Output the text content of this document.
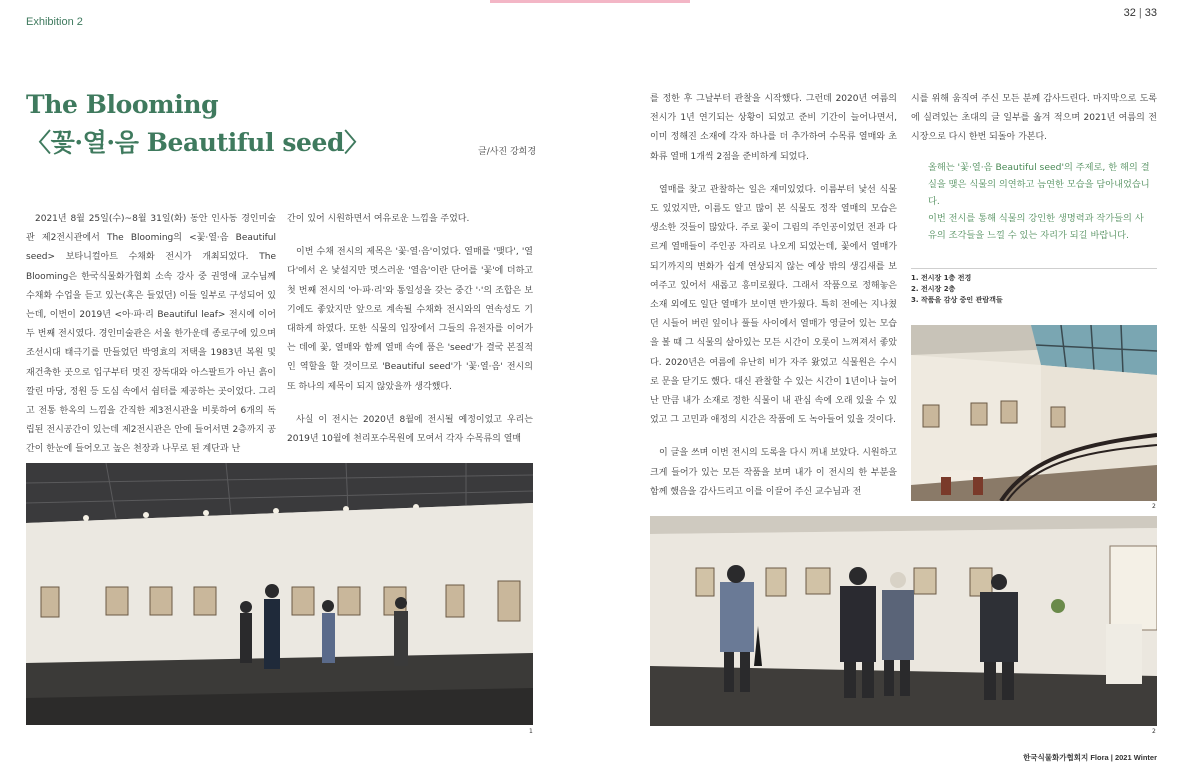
Exhibition 2
32 | 33
The Blooming
〈꽃·열·음 Beautiful seed〉	글/사진 강희경

2021년 8월 25일(수)~8월 31일(화) 동안 인사동 경인미술관 제2전시관에서 The Blooming의 <꽃·열·음 Beautiful seed> 보타니컬아트 수채화 전시가 개최되었다. The Blooming은 한국식물화가협회 소속 강사 중 권영애 교수님께 수채화 수업을 듣고 있는(혹은 들었던) 이들 일부로 구성되어 있는데, 이번이 2019년 <아·파·리 Beautiful leaf> 전시에 이어 두 번째 전시였다. 경인미술관은 서울 한가운데 종로구에 있으며 조선시대 태극기를 만들었던 박영효의 저택을 1983년 복원 및 재건축한 곳으로 입구부터 멋진 장독대와 아스팔트가 아닌 흙이 깔린 마당, 정원 등 도심 속에서 쉼터를 제공하는 곳이었다. 그리고 전통 한옥의 느낌을 간직한 제3전시관을 비롯하여 6개의 독립된 전시공간이 있는데 제2전시관은 안에 들어서면 2층까지 공간이 한눈에 들어오고 높은 천장과 나무로 된 계단과 난

간이 있어 시원하면서 여유로운 느낌을 주었다.

이번 수채 전시의 제목은 '꽃·열·음'이었다. 열매를 '맺다', '열다'에서 온 낯설지만 멋스러운 '열음'이란 단어를 '꽃'에 더하고 첫 번째 전시의 '아·파·리'와 통일성을 갖는 중간 '·'의 조합은 보기에도 좋았지만 앞으로 계속될 수채화 전시와의 연속성도 기대하게 하였다. 또한 식물의 입장에서 그들의 유전자를 이어가는 데에 꽃, 열매와 함께 열매 속에 품은 'seed'가 결국 본질적인 역할을 할 것이므로 'Beautiful seed'가 '꽃·열·음' 전시의 또 하나의 제목이 되지 않았을까 생각했다.

사실 이 전시는 2020년 8월에 전시될 예정이었고 우리는 2019년 10월에 천리포수목원에 모여서 각자 수목류의 열매

를 정한 후 그날부터 관찰을 시작했다. 그런데 2020년 여름의 전시가 1년 연기되는 상황이 되었고 준비 기간이 늘어나면서, 이미 정해진 소재에 각자 하나를 더 추가하여 수목류 열매와 초화류 열매 1개씩 2점을 준비하게 되었다.

열매를 찾고 관찰하는 일은 재미있었다. 이름부터 낯선 식물도 있었지만, 이름도 알고 많이 본 식물도 정작 열매의 모습은 생소한 것들이 많았다. 주로 꽃이 그림의 주인공이었던 전과 다르게 열매들이 주인공 자리로 나오게 되었는데, 꽃에서 열매가 되기까지의 변화가 쉽게 연상되지 않는 예상 밖의 생김새를 보여주고 있어서 새롭고 흥미로웠다. 그래서 작품으로 정해놓은 소재 외에도 일단 열매가 보이면 반가웠다. 특히 전에는 지나쳤던 시들어 버린 잎이나 풀들 사이에서 열매가 영글어 있는 모습을 볼 때 그 식물의 살아있는 모든 시간이 오롯이 느껴져서 좋았다. 2020년은 여름에 유난히 비가 자주 왔었고 식물원은 수시로 문을 닫기도 했다. 대신 관찰할 수 있는 시간이 1년이나 늘어난 만큼 내가 소재로 정한 식물이 내 관심 속에 오래 있을 수 있었고 그 고민과 애정의 시간은 작품에 도 녹아들어 있을 것이다.

이 글을 쓰며 이번 전시의 도록을 다시 꺼내 보았다. 시원하고 크게 들어가 있는 모든 작품을 보며 내가 이 전시의 한 부분을 함께 했음을 감사드리고 이를 이끌어 주신 교수님과 전

시를 위해 움직여 주신 모든 분께 감사드린다. 마지막으로 도록에 실려있는 초대의 글 일부를 옮겨 적으며 2021년 여름의 전시장으로 다시 한번 되돌아 가본다.

올해는 '꽃·열·음 Beautiful seed'의 주제로, 한 해의 결실을 맺은 식물의 의연하고 늠연한 모습을 담아내었습니다.

이번 전시를 통해 식물의 강인한 생명력과 작가들의 사유의 조각들을 느낄 수 있는 자리가 되길 바랍니다.

1. 전시장 1층 전경
2. 전시장 2층
3. 작품을 감상 중인 관람객들
1
2
2
한국식물화가협회지 Flora | 2021 Winter
